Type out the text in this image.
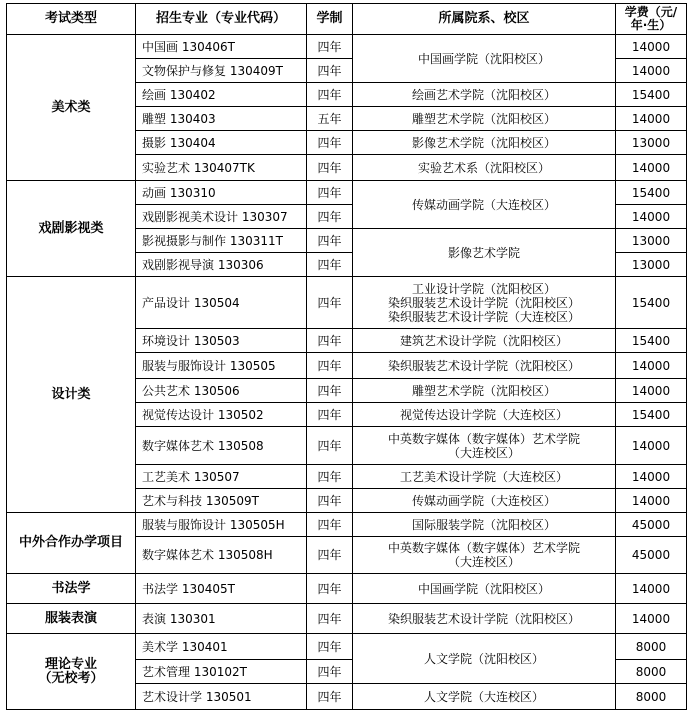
考试类型	招生专业（专业代码）	学制	所属院系、校区	学费（元/
年·生）

美术类	中国画 130406T	四年	中国画学院（沈阳校区）	14000
	文物保护与修复 130409T	四年		14000
	绘画 130402	四年	绘画艺术学院（沈阳校区）	15400
	雕塑 130403	五年	雕塑艺术学院（沈阳校区）	14000
	摄影 130404	四年	影像艺术学院（沈阳校区）	13000
	实验艺术 130407TK	四年	实验艺术系（沈阳校区）	14000

戏剧影视类	动画 130310	四年	传媒动画学院（大连校区）	15400
	戏剧影视美术设计 130307	四年		14000
	影视摄影与制作 130311T	四年	影像艺术学院	13000
	戏剧影视导演 130306	四年		13000

设计类	产品设计 130504	四年	工业设计学院（沈阳校区）
染织服装艺术设计学院（沈阳校区）
染织服装艺术设计学院（大连校区）	15400
	环境设计 130503	四年	建筑艺术设计学院（沈阳校区）	15400
	服装与服饰设计 130505	四年	染织服装艺术设计学院（沈阳校区）	14000
	公共艺术 130506	四年	雕塑艺术学院（沈阳校区）	14000
	视觉传达设计 130502	四年	视觉传达设计学院（大连校区）	15400
	数字媒体艺术 130508	四年	中英数字媒体（数字媒体）艺术学院
（大连校区）	14000
	工艺美术 130507	四年	工艺美术设计学院（大连校区）	14000
	艺术与科技 130509T	四年	传媒动画学院（大连校区）	14000

中外合作办学项目	服装与服饰设计 130505H	四年	国际服装学院（沈阳校区）	45000
	数字媒体艺术 130508H	四年	中英数字媒体（数字媒体）艺术学院
（大连校区）	45000

书法学	书法学 130405T	四年	中国画学院（沈阳校区）	14000

服装表演	表演 130301	四年	染织服装艺术设计学院（沈阳校区）	14000

理论专业
（无校考）	美术学 130401	四年	人文学院（沈阳校区）	8000
	艺术管理 130102T	四年		8000
	艺术设计学 130501	四年	人文学院（大连校区）	8000
